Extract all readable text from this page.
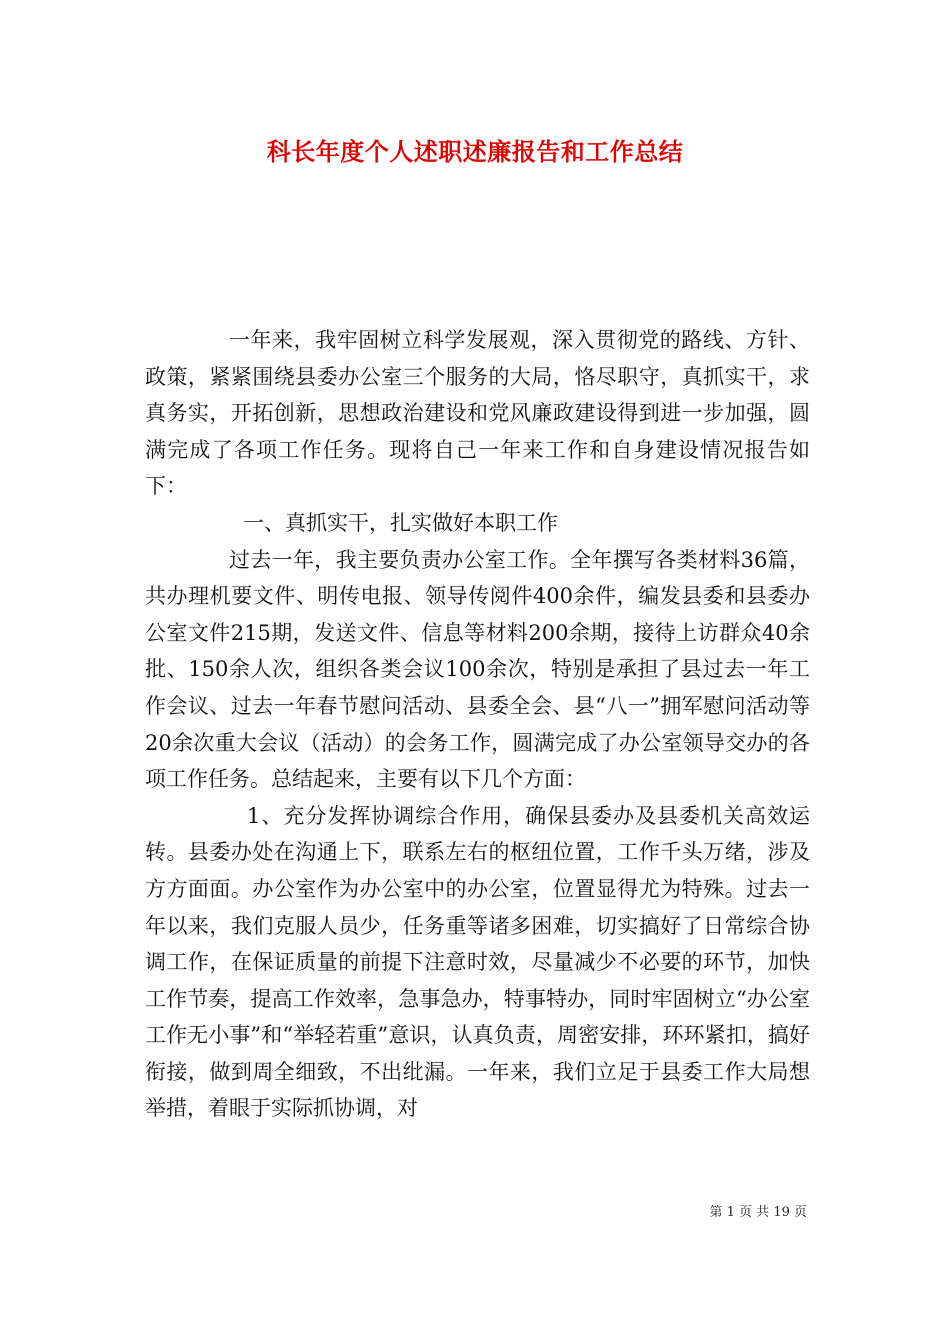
科长年度个人述职述廉报告和工作总结

一年来，我牢固树立科学发展观，深入贯彻党的路线、方针、政策，紧紧围绕县委办公室三个服务的大局，恪尽职守，真抓实干，求真务实，开拓创新，思想政治建设和党风廉政建设得到进一步加强，圆满完成了各项工作任务。现将自己一年来工作和自身建设情况报告如下：

一、真抓实干，扎实做好本职工作

过去一年，我主要负责办公室工作。全年撰写各类材料36篇，共办理机要文件、明传电报、领导传阅件400余件，编发县委和县委办公室文件215期，发送文件、信息等材料200余期，接待上访群众40余批、150余人次，组织各类会议100余次，特别是承担了县过去一年工作会议、过去一年春节慰问活动、县委全会、县“八一”拥军慰问活动等20余次重大会议（活动）的会务工作，圆满完成了办公室领导交办的各项工作任务。总结起来，主要有以下几个方面：

1、充分发挥协调综合作用，确保县委办及县委机关高效运转。县委办处在沟通上下，联系左右的枢纽位置，工作千头万绪，涉及方方面面。办公室作为办公室中的办公室，位置显得尤为特殊。过去一年以来，我们克服人员少，任务重等诸多困难，切实搞好了日常综合协调工作，在保证质量的前提下注意时效，尽量减少不必要的环节，加快工作节奏，提高工作效率，急事急办，特事特办，同时牢固树立“办公室工作无小事”和“举轻若重”意识，认真负责，周密安排，环环紧扣，搞好衔接，做到周全细致，不出纰漏。一年来，我们立足于县委工作大局想举措，着眼于实际抓协调，对

第 1 页 共 19 页
